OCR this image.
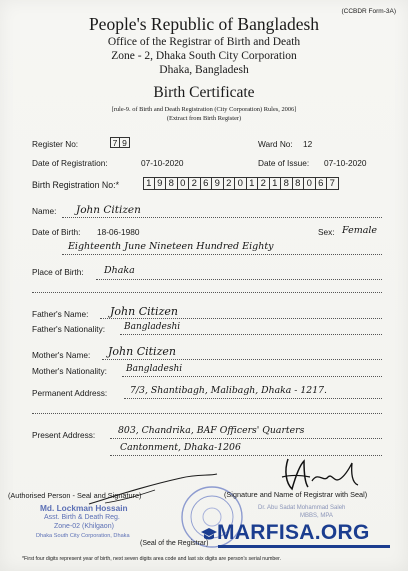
(CCBDR Form-3A)
People's Republic of Bangladesh
Office of the Registrar of Birth and Death
Zone - 2, Dhaka South City Corporation
Dhaka, Bangladesh
Birth Certificate
[rule-9. of Birth and Death Registration (City Corporation) Rules, 2006]
(Extract from Birth Register)
Register No:	7 9	Ward No: 12
Date of Registration:	07-10-2020	Date of Issue: 07-10-2020
Birth Registration No:*	1 9 8 0 2 6 9 2 0 1 2 1 8 8 0 6 7
Name: John Citizen
Date of Birth: 18-06-1980	Sex: Female
Eighteenth June Nineteen Hundred Eighty
Place of Birth: Dhaka
Father's Name: John Citizen
Father's Nationality: Bangladeshi
Mother's Name: John Citizen
Mother's Nationality: Bangladeshi
Permanent Address: 7/3, Shantibagh, Malibagh, Dhaka - 1217.
Present Address: 803, Chandrika, BAF Officers' Quarters
Cantonment, Dhaka-1206
(Authorised Person - Seal and Signature)	(Signature and Name of Registrar with Seal)
Md. Lockman Hossain
Asst. Birth & Death Reg.
Zone-02 (Khilgaon)
Dhaka South City Corporation, Dhaka
Dr. Abu Sadat Mohammad Saleh
MBBS, MPA
MARFISA.ORG
(Seal of the Registrar)
*First four digits represent year of birth, next seven digits area code and last six digits are person's serial number.
